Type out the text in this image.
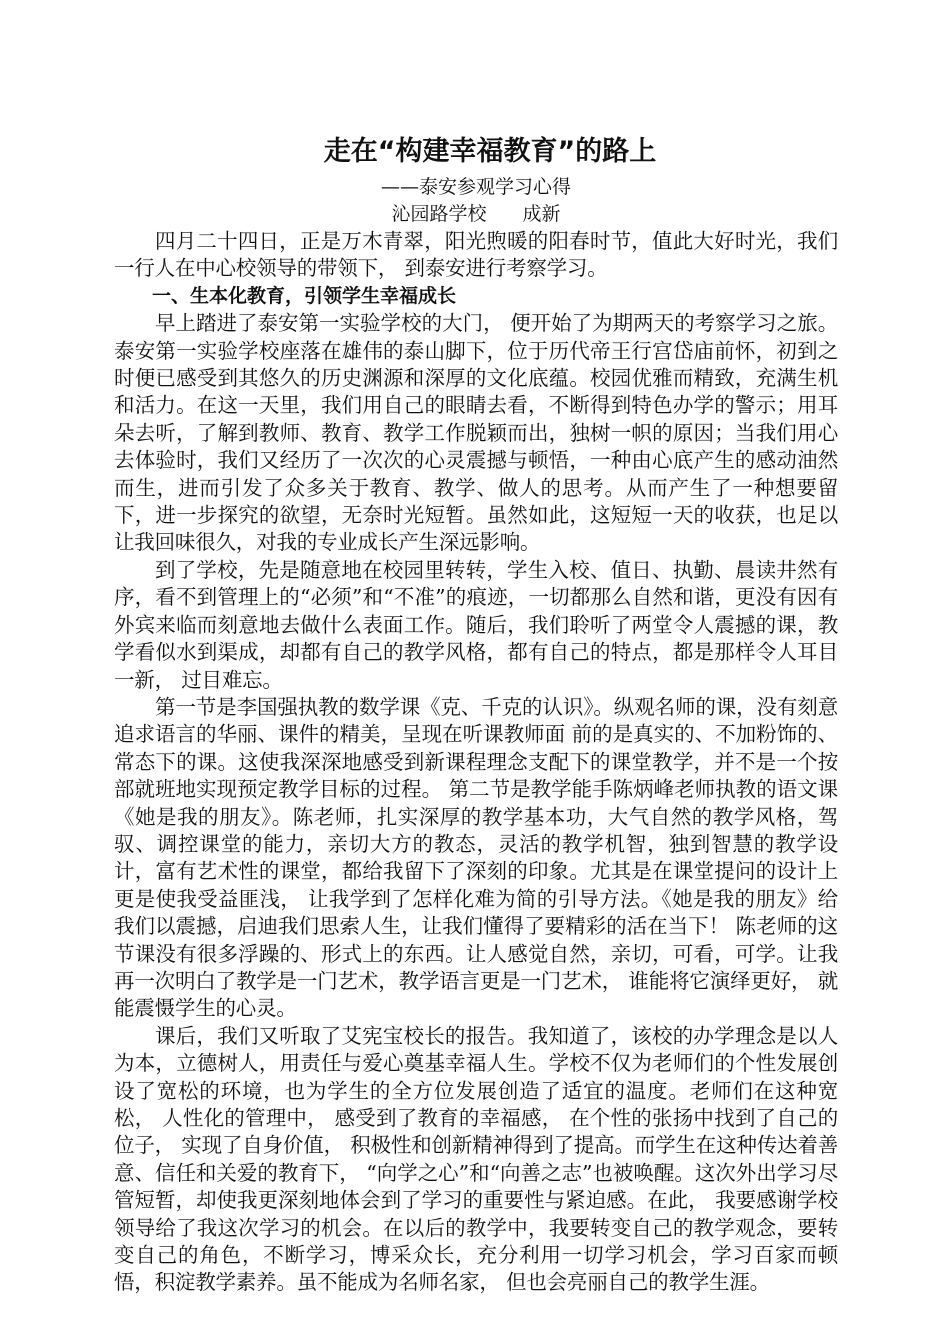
走在“构建幸福教育”的路上

——泰安参观学习心得

沁园路学校 成新

四月二十四日，正是万木青翠，阳光煦暖的阳春时节，值此大好时光，我们一行人在中心校领导的带领下， 到泰安进行考察学习。

一、生本化教育，引领学生幸福成长

早上踏进了泰安第一实验学校的大门， 便开始了为期两天的考察学习之旅。泰安第一实验学校座落在雄伟的泰山脚下，位于历代帝王行宫岱庙前怀，初到之时便已感受到其悠久的历史渊源和深厚的文化底蕴。校园优雅而精致，充满生机和活力。在这一天里，我们用自己的眼睛去看，不断得到特色办学的警示；用耳朵去听，了解到教师、教育、教学工作脱颖而出，独树一帜的原因；当我们用心去体验时，我们又经历了一次次的心灵震撼与顿悟，一种由心底产生的感动油然而生，进而引发了众多关于教育、教学、做人的思考。从而产生了一种想要留下，进一步探究的欲望，无奈时光短暂。虽然如此，这短短一天的收获，也足以让我回味很久，对我的专业成长产生深远影响。

到了学校，先是随意地在校园里转转，学生入校、值日、执勤、晨读井然有序，看不到管理上的“必须”和“不准”的痕迹，一切都那么自然和谐，更没有因有外宾来临而刻意地去做什么表面工作。随后，我们聆听了两堂令人震撼的课，教学看似水到渠成，却都有自己的教学风格，都有自己的特点，都是那样令人耳目一新， 过目难忘。

第一节是李国强执教的数学课《克、千克的认识》。纵观名师的课，没有刻意追求语言的华丽、课件的精美，呈现在听课教师面 前的是真实的、不加粉饰的、常态下的课。这使我深深地感受到新课程理念支配下的课堂教学，并不是一个按部就班地实现预定教学目标的过程。 第二节是教学能手陈炳峰老师执教的语文课《她是我的朋友》。陈老师，扎实深厚的教学基本功，大气自然的教学风格，驾驭、调控课堂的能力，亲切大方的教态，灵活的教学机智，独到智慧的教学设计，富有艺术性的课堂，都给我留下了深刻的印象。尤其是在课堂提问的设计上更是使我受益匪浅， 让我学到了怎样化难为简的引导方法。《她是我的朋友》给我们以震撼，启迪我们思索人生，让我们懂得了要精彩的活在当下！ 陈老师的这节课没有很多浮躁的、形式上的东西。让人感觉自然，亲切，可看，可学。让我再一次明白了教学是一门艺术，教学语言更是一门艺术， 谁能将它演绎更好， 就能震慑学生的心灵。

课后，我们又听取了艾宪宝校长的报告。我知道了，该校的办学理念是以人为本，立德树人，用责任与爱心奠基幸福人生。学校不仅为老师们的个性发展创设了宽松的环境，也为学生的全方位发展创造了适宜的温度。老师们在这种宽松， 人性化的管理中， 感受到了教育的幸福感， 在个性的张扬中找到了自己的位子， 实现了自身价值， 积极性和创新精神得到了提高。而学生在这种传达着善意、信任和关爱的教育下， “向学之心”和“向善之志”也被唤醒。这次外出学习尽管短暂，却使我更深刻地体会到了学习的重要性与紧迫感。在此， 我要感谢学校领导给了我这次学习的机会。在以后的教学中，我要转变自己的教学观念，要转变自己的角色，不断学习，博采众长，充分利用一切学习机会，学习百家而顿悟，积淀教学素养。虽不能成为名师名家， 但也会亮丽自己的教学生涯。
